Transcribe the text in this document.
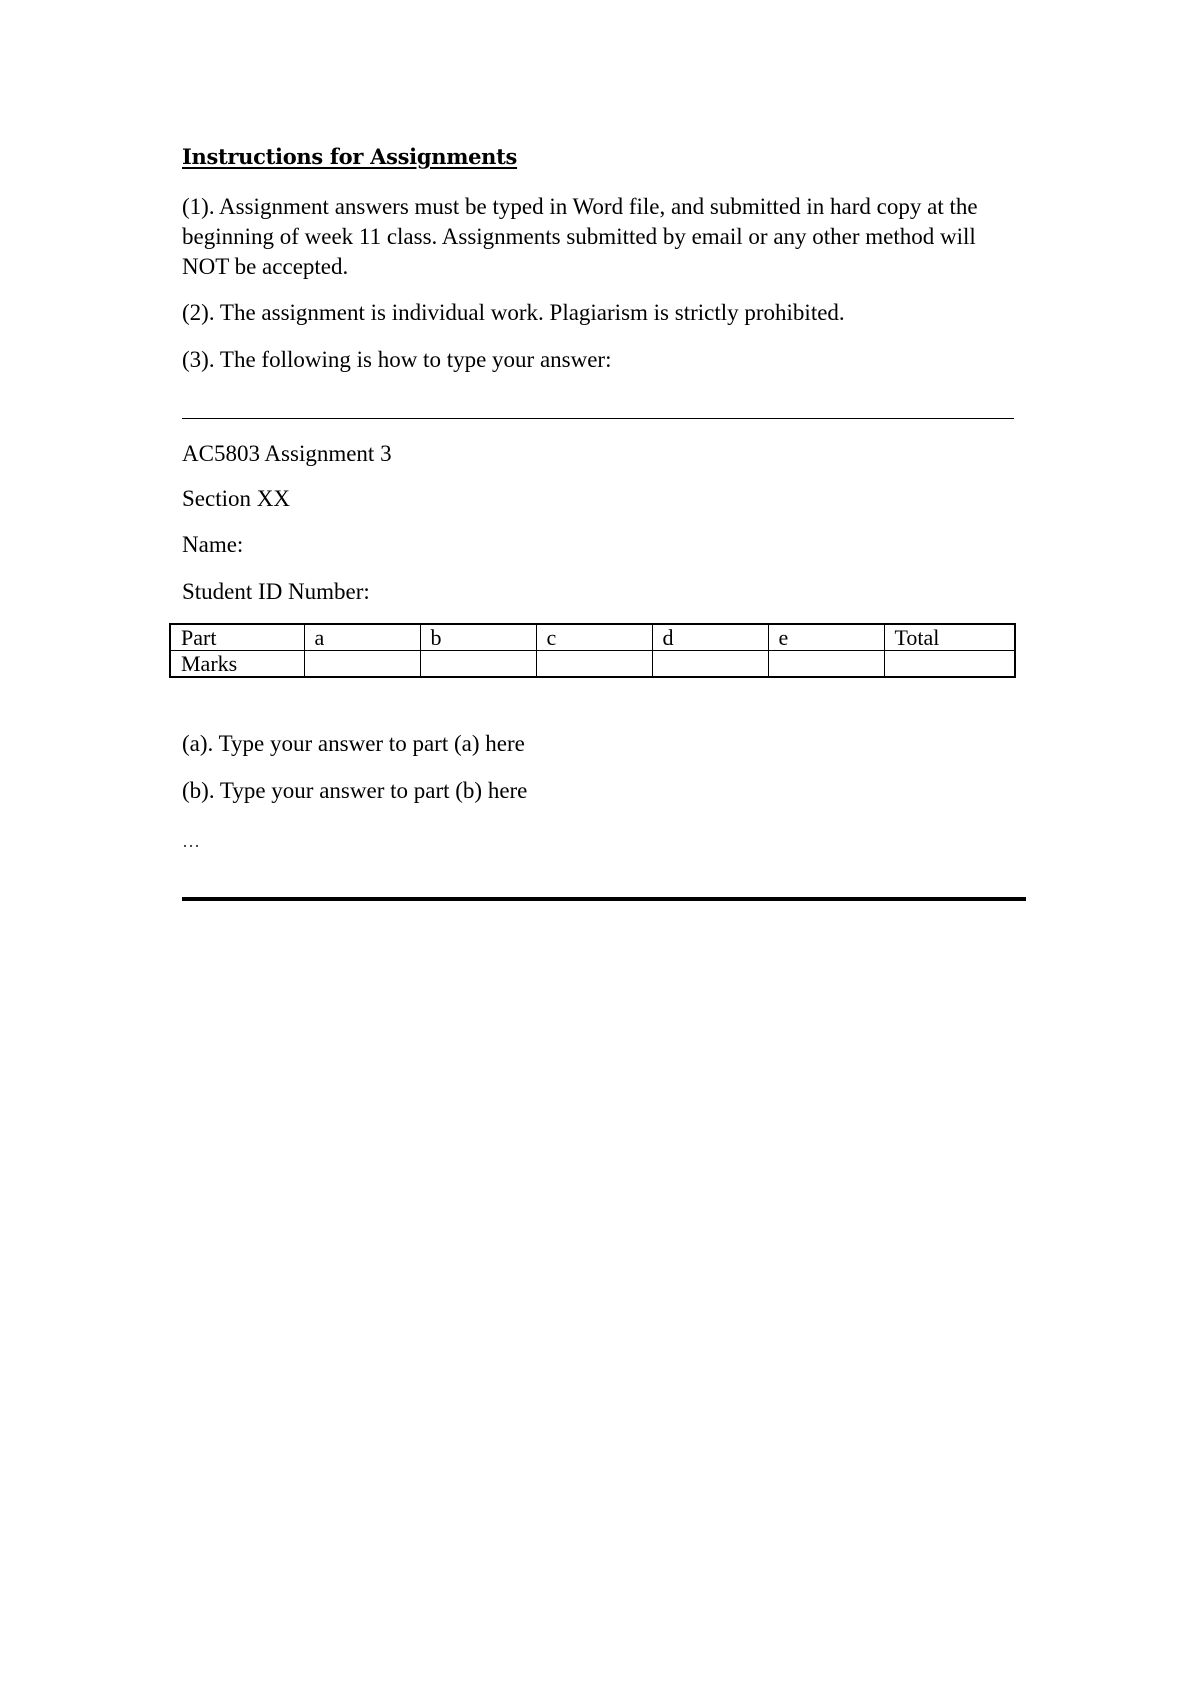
Instructions for Assignments

(1). Assignment answers must be typed in Word file, and submitted in hard copy at the beginning of week 11 class. Assignments submitted by email or any other method will NOT be accepted.

(2). The assignment is individual work. Plagiarism is strictly prohibited.

(3). The following is how to type your answer:

AC5803 Assignment 3
Section XX
Name:
Student ID Number:
Part	a	b	c	d	e	Total
Marks						
(a). Type your answer to part (a) here
(b). Type your answer to part (b) here
…
